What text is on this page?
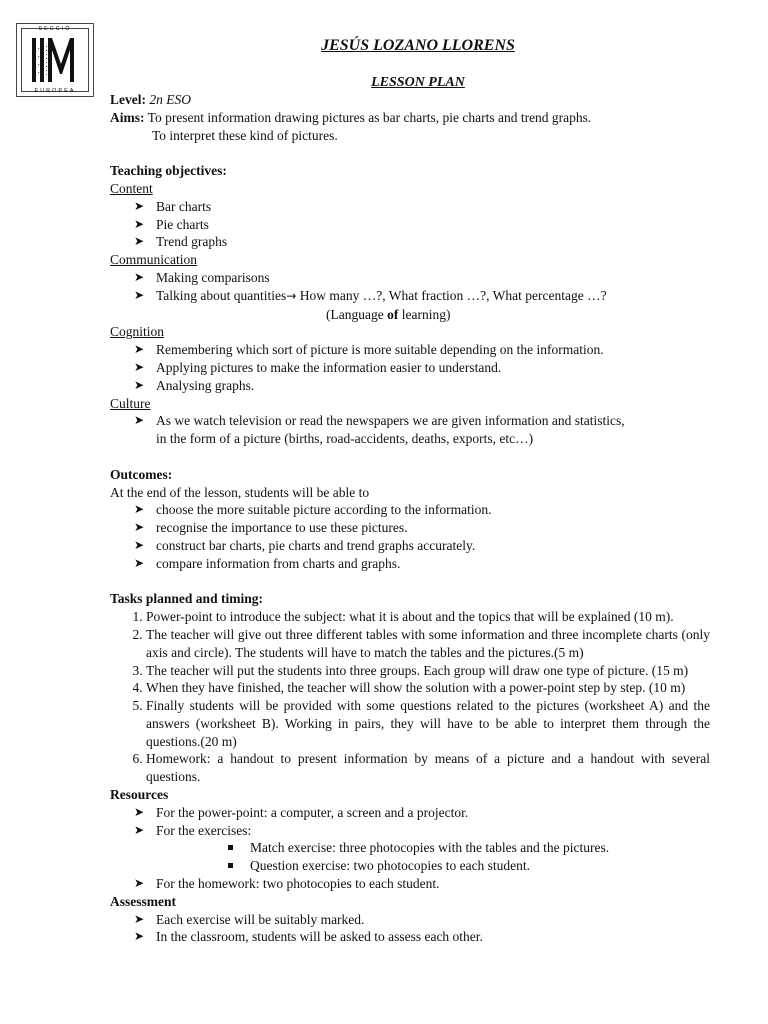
SECCIÓ
EUROPEA
JESÚS LOZANO LLORENS
LESSON PLAN
Level: 2n ESO
Aims: To present information drawing pictures as bar charts, pie charts and trend graphs.
To interpret these kind of pictures.
Teaching objectives:
Content
➤ Bar charts
➤ Pie charts
➤ Trend graphs
Communication
➤ Making comparisons
➤ Talking about quantities→ How many …?, What fraction …?, What percentage …?
(Language of learning)
Cognition
➤ Remembering which sort of picture is more suitable depending on the information.
➤ Applying pictures to make the information easier to understand.
➤ Analysing graphs.
Culture
➤ As we watch television or read the newspapers we are given information and statistics,
in the form of a picture (births, road-accidents, deaths, exports, etc…)
Outcomes:
At the end of the lesson, students will be able to
➤ choose the more suitable picture according to the information.
➤ recognise the importance to use these pictures.
➤ construct bar charts, pie charts and trend graphs accurately.
➤ compare information from charts and graphs.
Tasks planned and timing:
1. Power-point to introduce the subject: what it is about and the topics that will be explained (10 m).
2. The teacher will give out three different tables with some information and three incomplete charts (only axis and circle). The students will have to match the tables and the pictures.(5 m)
3. The teacher will put the students into three groups. Each group will draw one type of picture. (15 m)
4. When they have finished, the teacher will show the solution with a power-point step by step. (10 m)
5. Finally students will be provided with some questions related to the pictures (worksheet A) and the answers (worksheet B). Working in pairs, they will have to be able to interpret them through the questions.(20 m)
6. Homework: a handout to present information by means of a picture and a handout with several questions.
Resources
➤ For the power-point: a computer, a screen and a projector.
➤ For the exercises:
Match exercise: three photocopies with the tables and the pictures.
Question exercise: two photocopies to each student.
➤ For the homework: two photocopies to each student.
Assessment
➤ Each exercise will be suitably marked.
➤ In the classroom, students will be asked to assess each other.
